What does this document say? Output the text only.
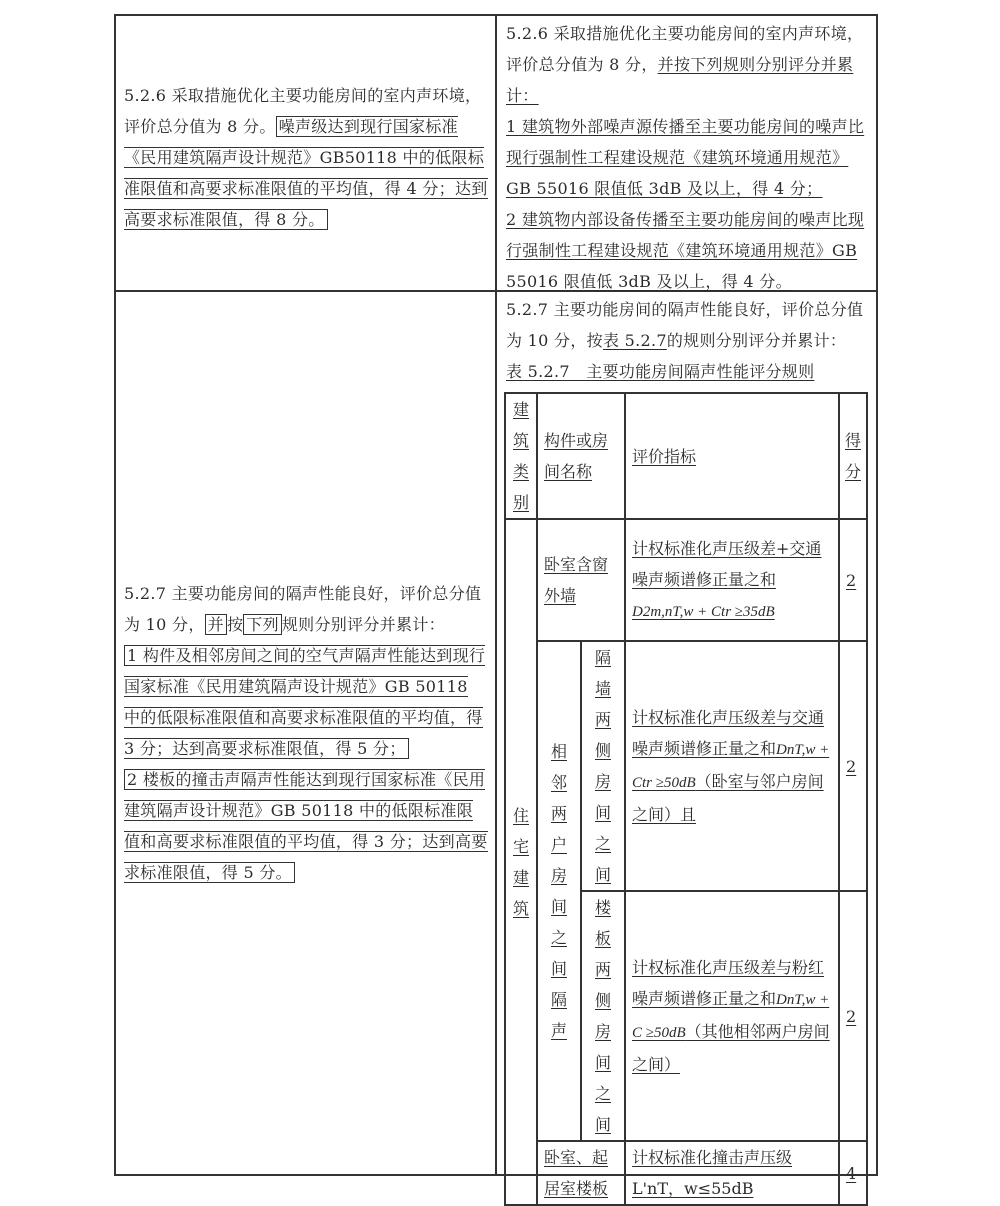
5.2.6 采取措施优化主要功能房间的室内声环境，评价总分值为 8 分。 噪声级达到现行国家标准《民用建筑隔声设计规范》GB50118 中的低限标准限值和高要求标准限值的平均值，得 4 分；达到高要求标准限值，得 8 分。
5.2.7 主要功能房间的隔声性能良好，评价总分值为 10 分， 并 按 下列 规则分别评分并累计：
1 构件及相邻房间之间的空气声隔声性能达到现行国家标准《民用建筑隔声设计规范》GB 50118 中的低限标准限值和高要求标准限值的平均值，得 3 分；达到高要求标准限值，得 5 分；
2 楼板的撞击声隔声性能达到现行国家标准《民用建筑隔声设计规范》GB 50118 中的低限标准限值和高要求标准限值的平均值，得 3 分；达到高要求标准限值，得 5 分。
5.2.6 采取措施优化主要功能房间的室内声环境，评价总分值为 8 分，并按下列规则分别评分并累计：
1 建筑物外部噪声源传播至主要功能房间的噪声比现行强制性工程建设规范《建筑环境通用规范》GB 55016 限值低 3dB 及以上，得 4 分；
2 建筑物内部设备传播至主要功能房间的噪声比现行强制性工程建设规范《建筑环境通用规范》GB 55016 限值低 3dB 及以上，得 4 分。
5.2.7 主要功能房间的隔声性能良好，评价总分值为 10 分，按表 5.2.7的规则分别评分并累计：
表 5.2.7　主要功能房间隔声性能评分规则
建筑类别	构件或房间名称		评价指标	得分

住宅建筑	卧室含窗外墙		计权标准化声压级差+交通噪声频谱修正量之和
D2m,nT,w + Ctr ≥35dB	2

	相邻两户房间之间隔声	隔墙两侧房间之间	计权标准化声压级差与交通噪声频谱修正量之和DnT,w + Ctr ≥50dB（卧室与邻户房间之间）且	2

		楼板两侧房间之间	计权标准化声压级差与粉红噪声频谱修正量之和DnT,w + C ≥50dB（其他相邻两户房间之间）	2
	卧室、起居室楼板		计权标准化撞击声压级 L'nT，w≤55dB	4
